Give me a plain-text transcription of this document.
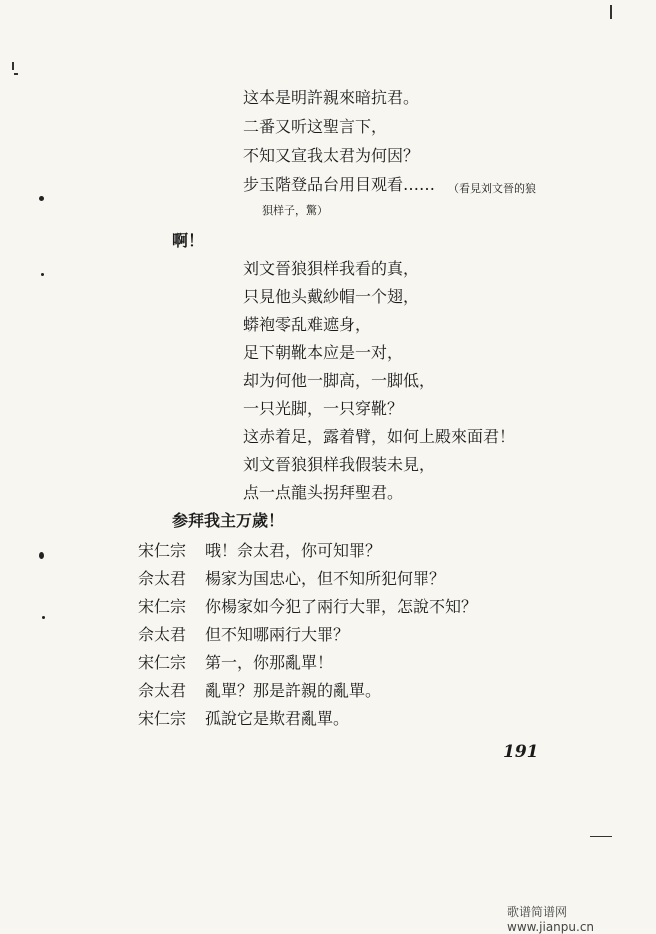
这本是明許親來暗抗君。
二番又听这聖言下，
不知又宣我太君为何因？
步玉階登品台用目观看…… （看見刘文晉的狼
狽样子，驚）
啊！
刘文晉狼狽样我看的真，
只見他头戴紗帽一个翅，
蟒袍零乱难遮身，
足下朝靴本应是一对，
却为何他一脚高，一脚低，
一只光脚，一只穿靴？
这赤着足，露着臂，如何上殿來面君！
刘文晉狼狽样我假装未見，
点一点龍头拐拜聖君。
参拜我主万歲！
宋仁宗 哦！佘太君，你可知罪？
佘太君 楊家为国忠心，但不知所犯何罪？
宋仁宗 你楊家如今犯了兩行大罪，怎說不知？
佘太君 但不知哪兩行大罪？
宋仁宗 第一，你那亂單！
佘太君 亂單？那是許親的亂單。
宋仁宗 孤說它是欺君亂單。
191
歌谱简谱网 www.jianpu.cn
